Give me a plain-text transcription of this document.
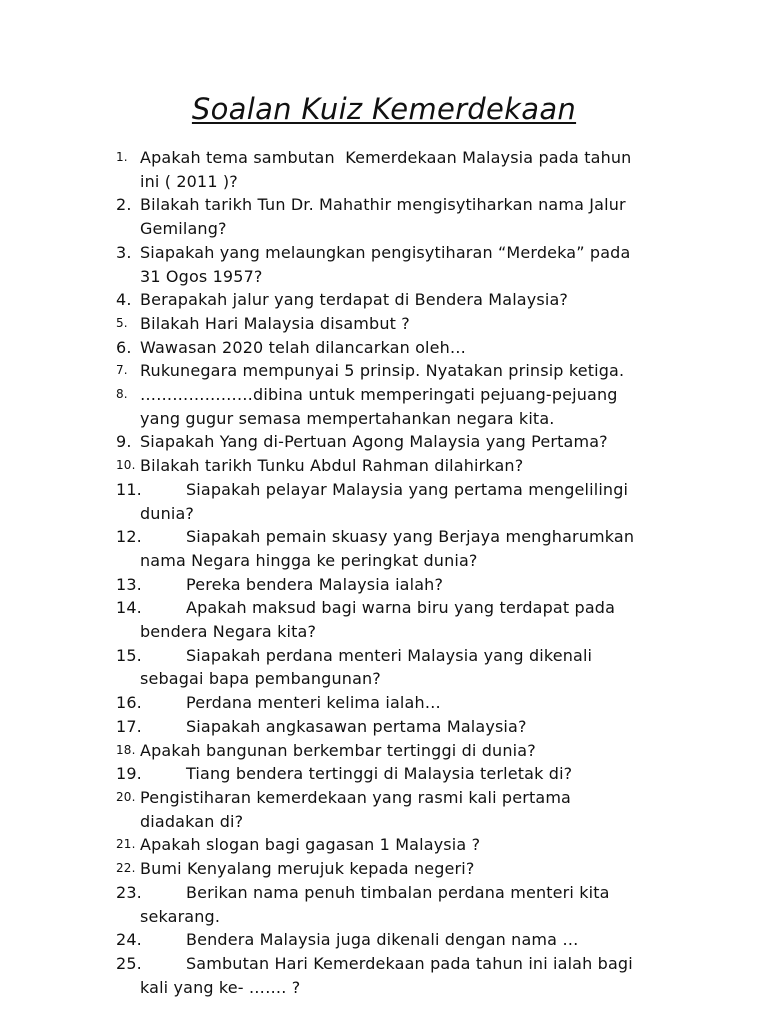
Soalan Kuiz Kemerdekaan
1. Apakah tema sambutan  Kemerdekaan Malaysia pada tahun
ini ( 2011 )?
2. Bilakah tarikh Tun Dr. Mahathir mengisytiharkan nama Jalur
Gemilang?
3. Siapakah yang melaungkan pengisytiharan “Merdeka” pada
31 Ogos 1957?
4. Berapakah jalur yang terdapat di Bendera Malaysia?
5. Bilakah Hari Malaysia disambut ?
6. Wawasan 2020 telah dilancarkan oleh…
7. Rukunegara mempunyai 5 prinsip. Nyatakan prinsip ketiga.
8. …………………dibina untuk memperingati pejuang-pejuang
yang gugur semasa mempertahankan negara kita.
9. Siapakah Yang di-Pertuan Agong Malaysia yang Pertama?
10. Bilakah tarikh Tunku Abdul Rahman dilahirkan?
11.	Siapakah pelayar Malaysia yang pertama mengelilingi
dunia?
12.	Siapakah pemain skuasy yang Berjaya mengharumkan
nama Negara hingga ke peringkat dunia?
13.	Pereka bendera Malaysia ialah?
14.	Apakah maksud bagi warna biru yang terdapat pada
bendera Negara kita?
15.	Siapakah perdana menteri Malaysia yang dikenali
sebagai bapa pembangunan?
16.	Perdana menteri kelima ialah…
17.	Siapakah angkasawan pertama Malaysia?
18. Apakah bangunan berkembar tertinggi di dunia?
19.	Tiang bendera tertinggi di Malaysia terletak di?
20. Pengistiharan kemerdekaan yang rasmi kali pertama
diadakan di?
21. Apakah slogan bagi gagasan 1 Malaysia ?
22. Bumi Kenyalang merujuk kepada negeri?
23.	Berikan nama penuh timbalan perdana menteri kita
sekarang.
24.	Bendera Malaysia juga dikenali dengan nama …
25.	Sambutan Hari Kemerdekaan pada tahun ini ialah bagi
kali yang ke- ……. ?
